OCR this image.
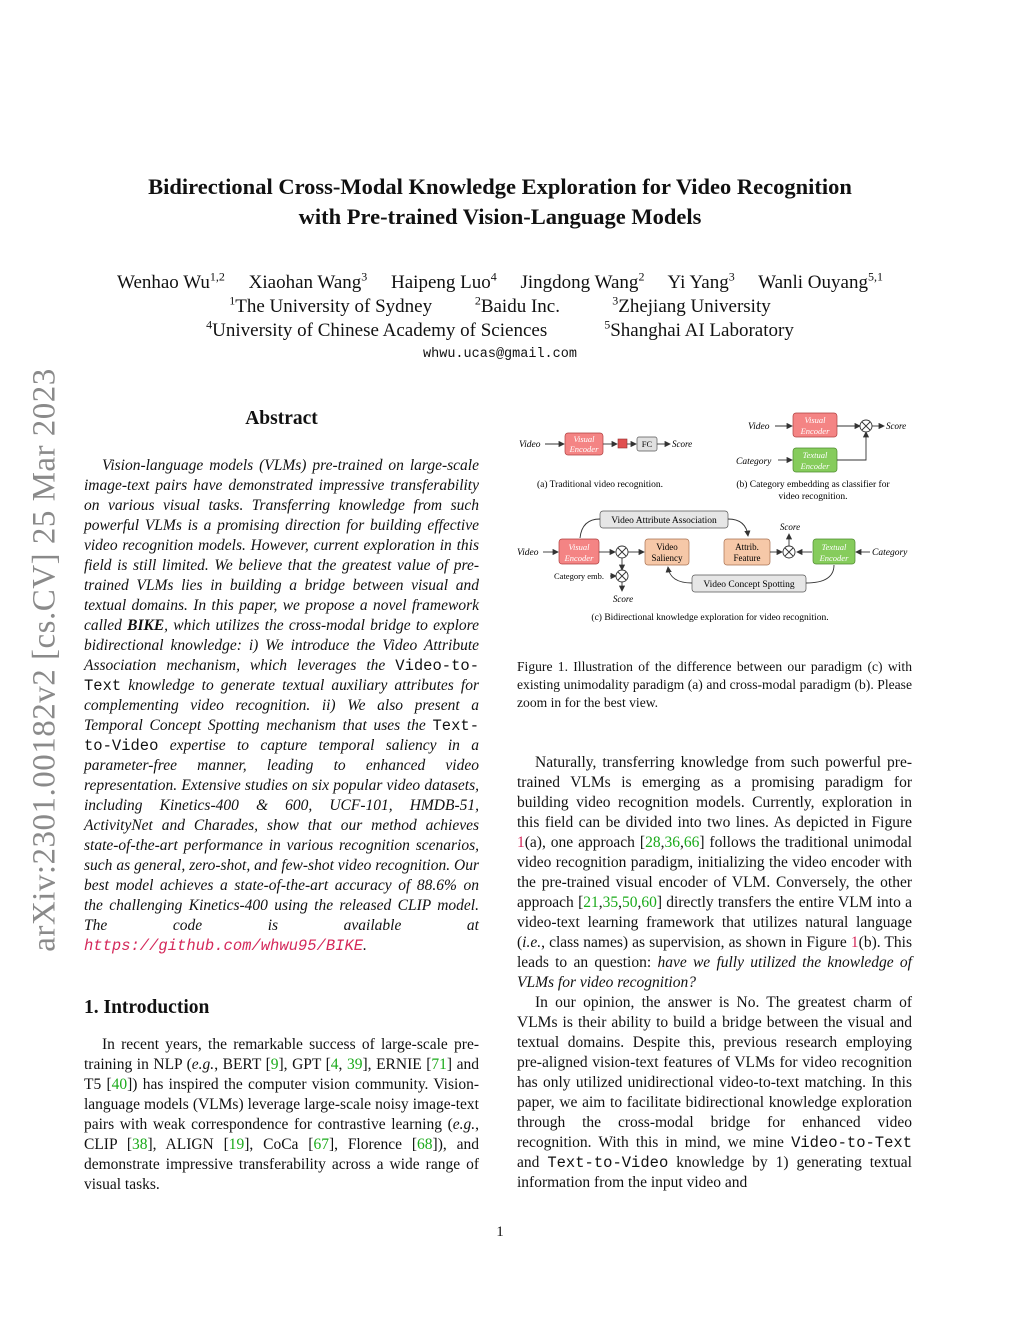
arXiv:2301.00182v2 [cs.CV] 25 Mar 2023
Bidirectional Cross-Modal Knowledge Exploration for Video Recognition
with Pre-trained Vision-Language Models
Wenhao Wu$^{1,2}$ Xiaohan Wang$^3$ Haipeng Luo$^4$ Jingdong Wang$^2$ Yi Yang$^3$ Wanli Ouyang$^{5,1}$
$^1$The University of Sydney	$^2$Baidu Inc.	$^3$Zhejiang University
$^4$University of Chinese Academy of Sciences	$^5$Shanghai AI Laboratory
whwu.ucas@gmail.com
Abstract

Vision-language models (VLMs) pre-trained on large-scale image-text pairs have demonstrated impressive transferability on various visual tasks. Transferring knowledge from such powerful VLMs is a promising direction for building effective video recognition models. However, current exploration in this field is still limited. We believe that the greatest value of pre-trained VLMs lies in building a bridge between visual and textual domains. In this paper, we propose a novel framework called BIKE, which utilizes the cross-modal bridge to explore bidirectional knowledge: i) We introduce the Video Attribute Association mechanism, which leverages the Video-to-Text knowledge to generate textual auxiliary attributes for complementing video recognition. ii) We also present a Temporal Concept Spotting mechanism that uses the Text-to-Video expertise to capture temporal saliency in a parameter-free manner, leading to enhanced video representation. Extensive studies on six popular video datasets, including Kinetics-400 & 600, UCF-101, HMDB-51, ActivityNet and Charades, show that our method achieves state-of-the-art performance in various recognition scenarios, such as general, zero-shot, and few-shot video recognition. Our best model achieves a state-of-the-art accuracy of 88.6% on the challenging Kinetics-400 using the released CLIP model. The code is available at https://github.com/whwu95/BIKE.

1. Introduction

In recent years, the remarkable success of large-scale pre-training in NLP (e.g., BERT [9], GPT [4, 39], ERNIE [71] and T5 [40]) has inspired the computer vision community. Vision-language models (VLMs) leverage large-scale noisy image-text pairs with weak correspondence for contrastive learning (e.g., CLIP [38], ALIGN [19], CoCa [67], Florence [68]), and demonstrate impressive transferability across a wide range of visual tasks.

Video
Visual
Encoder	FC Score
(a) Traditional video recognition.
Video
Visual
Encoder
Category
Textual
Encoder
Score
(b) Category embedding as classifier for
video recognition.
Video Attribute Association
Video
Visual
Encoder
Video
Saliency
Attrib.
Feature
Score
Textual
Encoder Category
Category emb.
Score
Video Concept Spotting
(c) Bidirectional knowledge exploration for video recognition.
Figure 1. Illustration of the difference between our paradigm (c) with existing unimodality paradigm (a) and cross-modal paradigm (b). Please zoom in for the best view.

Naturally, transferring knowledge from such powerful pre-trained VLMs is emerging as a promising paradigm for building video recognition models. Currently, exploration in this field can be divided into two lines. As depicted in Figure 1(a), one approach [28,36,66] follows the traditional unimodal video recognition paradigm, initializing the video encoder with the pre-trained visual encoder of VLM. Conversely, the other approach [21,35,50,60] directly transfers the entire VLM into a video-text learning framework that utilizes natural language (i.e., class names) as supervision, as shown in Figure 1(b). This leads to an question: have we fully utilized the knowledge of VLMs for video recognition?

In our opinion, the answer is No. The greatest charm of VLMs is their ability to build a bridge between the visual and textual domains. Despite this, previous research employing pre-aligned vision-text features of VLMs for video recognition has only utilized unidirectional video-to-text matching. In this paper, we aim to facilitate bidirectional knowledge exploration through the cross-modal bridge for enhanced video recognition. With this in mind, we mine Video-to-Text and Text-to-Video knowledge by 1) generating textual information from the input video and

1
